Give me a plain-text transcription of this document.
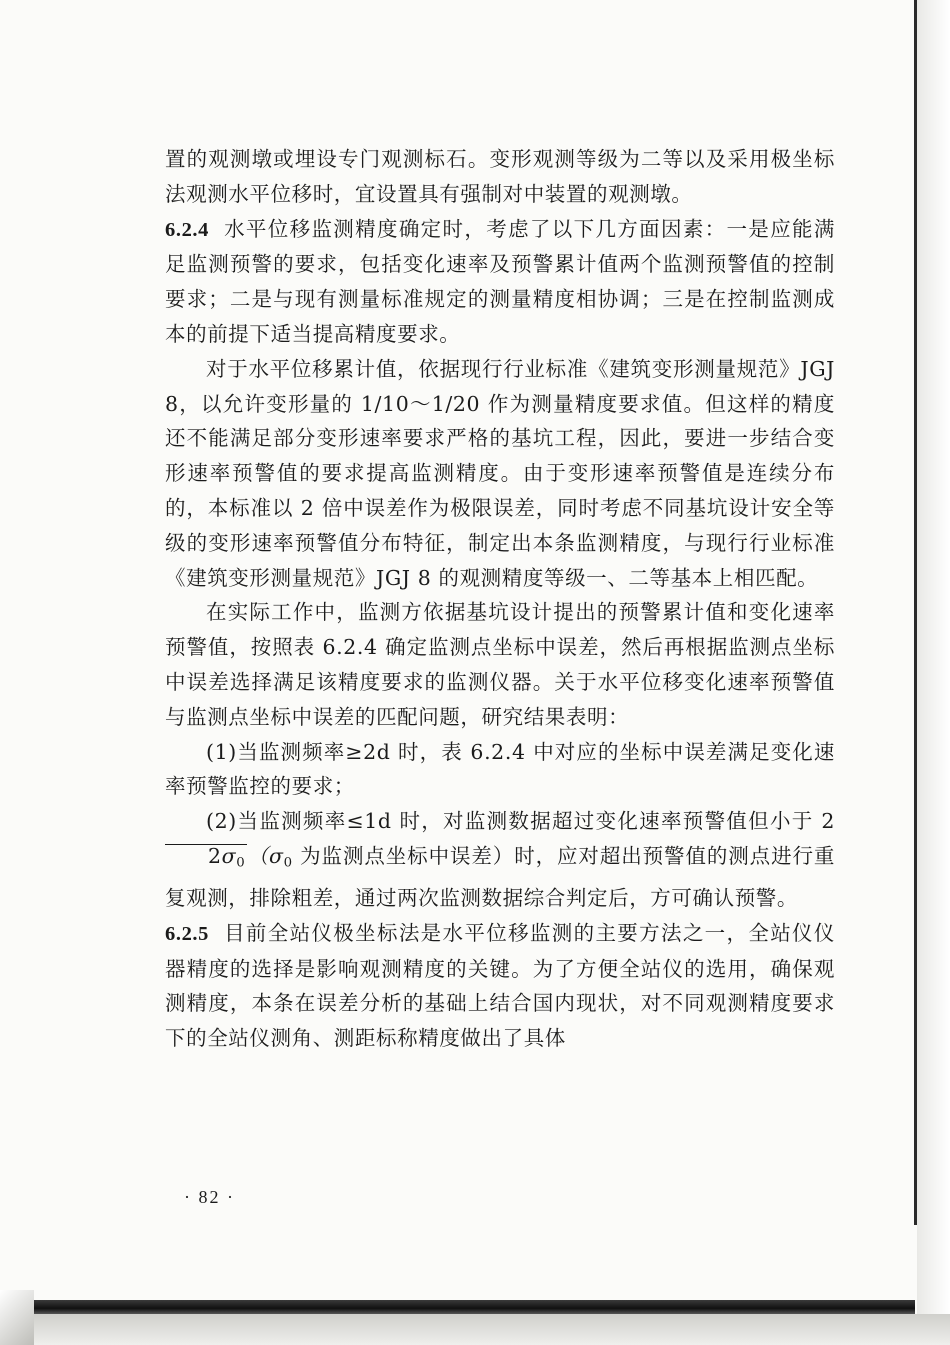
置的观测墩或埋设专门观测标石。变形观测等级为二等以及采用极坐标法观测水平位移时，宜设置具有强制对中装置的观测墩。

6.2.4 水平位移监测精度确定时，考虑了以下几方面因素：一是应能满足监测预警的要求，包括变化速率及预警累计值两个监测预警值的控制要求；二是与现有测量标准规定的测量精度相协调；三是在控制监测成本的前提下适当提高精度要求。

对于水平位移累计值，依据现行行业标准《建筑变形测量规范》JGJ 8，以允许变形量的 1/10～1/20 作为测量精度要求值。但这样的精度还不能满足部分变形速率要求严格的基坑工程，因此，要进一步结合变形速率预警值的要求提高监测精度。由于变形速率预警值是连续分布的，本标准以 2 倍中误差作为极限误差，同时考虑不同基坑设计安全等级的变形速率预警值分布特征，制定出本条监测精度，与现行行业标准《建筑变形测量规范》JGJ 8 的观测精度等级一、二等基本上相匹配。

在实际工作中，监测方依据基坑设计提出的预警累计值和变化速率预警值，按照表 6.2.4 确定监测点坐标中误差，然后再根据监测点坐标中误差选择满足该精度要求的监测仪器。关于水平位移变化速率预警值与监测点坐标中误差的匹配问题，研究结果表明：

(1)当监测频率≥2d 时，表 6.2.4 中对应的坐标中误差满足变化速率预警监控的要求；

(2)当监测频率≤1d 时，对监测数据超过变化速率预警值但小于 2 $2\sigma_0(\sigma_0$ 为监测点坐标中误差）时，应对超出预警值的测点进行重复观测，排除粗差，通过两次监测数据综合判定后，方可确认预警。

6.2.5 目前全站仪极坐标法是水平位移监测的主要方法之一，全站仪仪器精度的选择是影响观测精度的关键。为了方便全站仪的选用，确保观测精度，本条在误差分析的基础上结合国内现状，对不同观测精度要求下的全站仪测角、测距标称精度做出了具体

· 82 ·
